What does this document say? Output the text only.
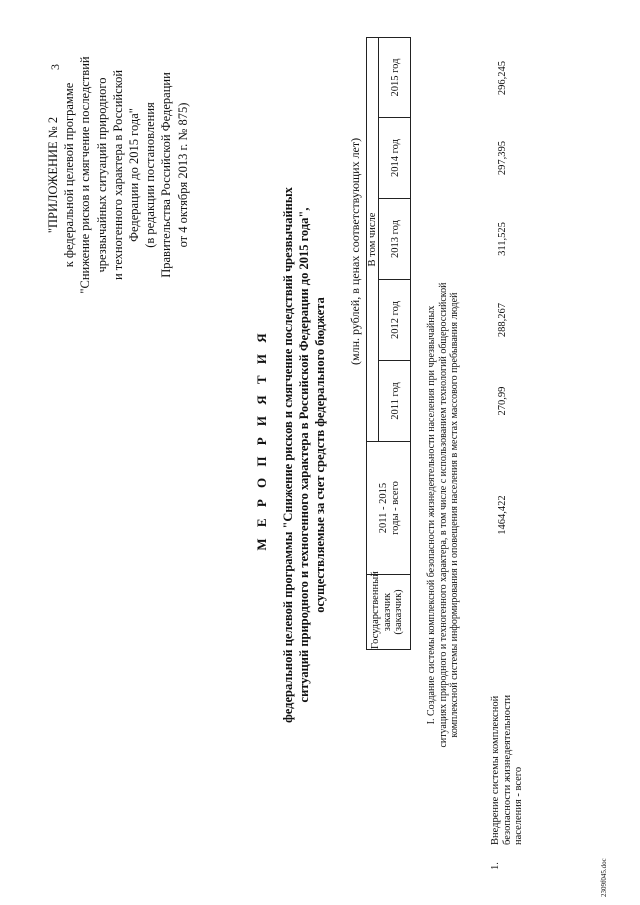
3
"ПРИЛОЖЕНИЕ № 2 к федеральной целевой программе "Снижение рисков и смягчение последствий чрезвычайных ситуаций природного и техногенного характера в Российской Федерации до 2015 года" (в редакции постановления Правительства Российской Федерации от 4 октября 2013 г. № 875)
М Е Р О П Р И Я Т И Я федеральной целевой программы "Снижение рисков и смягчение последствий чрезвычайных ситуаций природного и техногенного характера в Российской Федерации до 2015 года", осуществляемые за счет средств федерального бюджета
(млн. рублей, в ценах соответствующих лет)
Государственный заказчик (заказчик)
2011 - 2015 годы - всего
В том числе
2011 год
2012 год
2013 год
2014 год
2015 год
I. Создание системы комплексной безопасности жизнедеятельности населения при чрезвычайных ситуациях природного и техногенного характера, в том числе с использованием технологий общероссийской комплексной системы информирования и оповещения населения в местах массового пребывания людей
1.
Внедрение системы комплексной безопасности жизнедеятельности населения - всего
1464,422
270,99
288,267
311,525
297,395
296,245
2309f045.doc
